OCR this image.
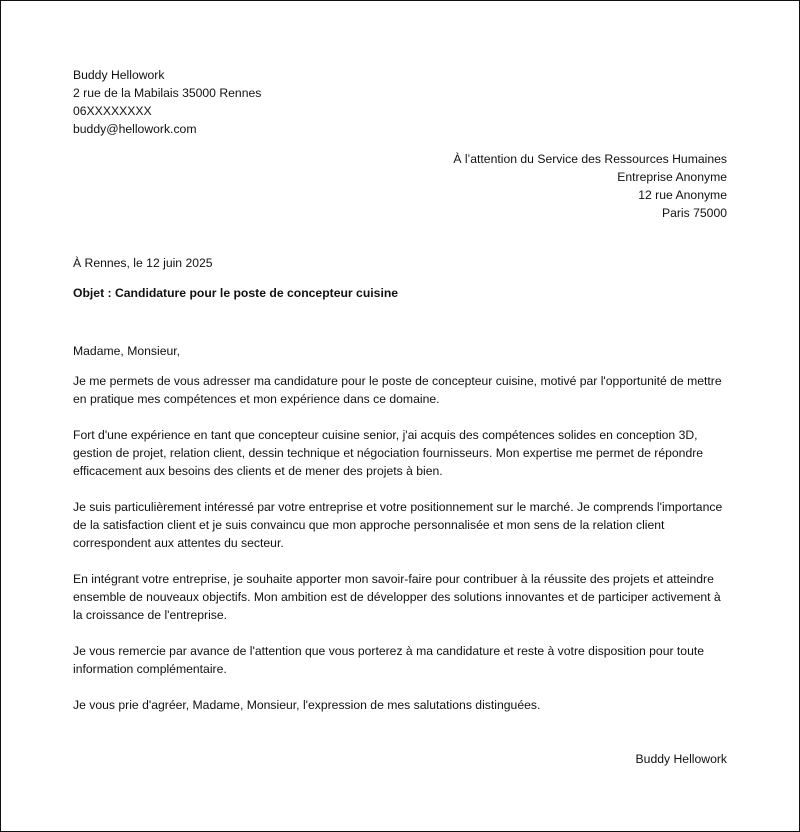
Buddy Hellowork
2 rue de la Mabilais 35000 Rennes
06XXXXXXXX
buddy@hellowork.com
À l’attention du Service des Ressources Humaines
Entreprise Anonyme
12 rue Anonyme
Paris 75000
À Rennes, le 12 juin 2025
Objet : Candidature pour le poste de concepteur cuisine

Madame, Monsieur,

Je me permets de vous adresser ma candidature pour le poste de concepteur cuisine, motivé par l'opportunité de mettre en pratique mes compétences et mon expérience dans ce domaine.

Fort d'une expérience en tant que concepteur cuisine senior, j'ai acquis des compétences solides en conception 3D, gestion de projet, relation client, dessin technique et négociation fournisseurs. Mon expertise me permet de répondre efficacement aux besoins des clients et de mener des projets à bien.

Je suis particulièrement intéressé par votre entreprise et votre positionnement sur le marché. Je comprends l'importance de la satisfaction client et je suis convaincu que mon approche personnalisée et mon sens de la relation client correspondent aux attentes du secteur.

En intégrant votre entreprise, je souhaite apporter mon savoir-faire pour contribuer à la réussite des projets et atteindre ensemble de nouveaux objectifs. Mon ambition est de développer des solutions innovantes et de participer activement à la croissance de l'entreprise.

Je vous remercie par avance de l'attention que vous porterez à ma candidature et reste à votre disposition pour toute information complémentaire.

Je vous prie d'agréer, Madame, Monsieur, l'expression de mes salutations distinguées.

Buddy Hellowork
